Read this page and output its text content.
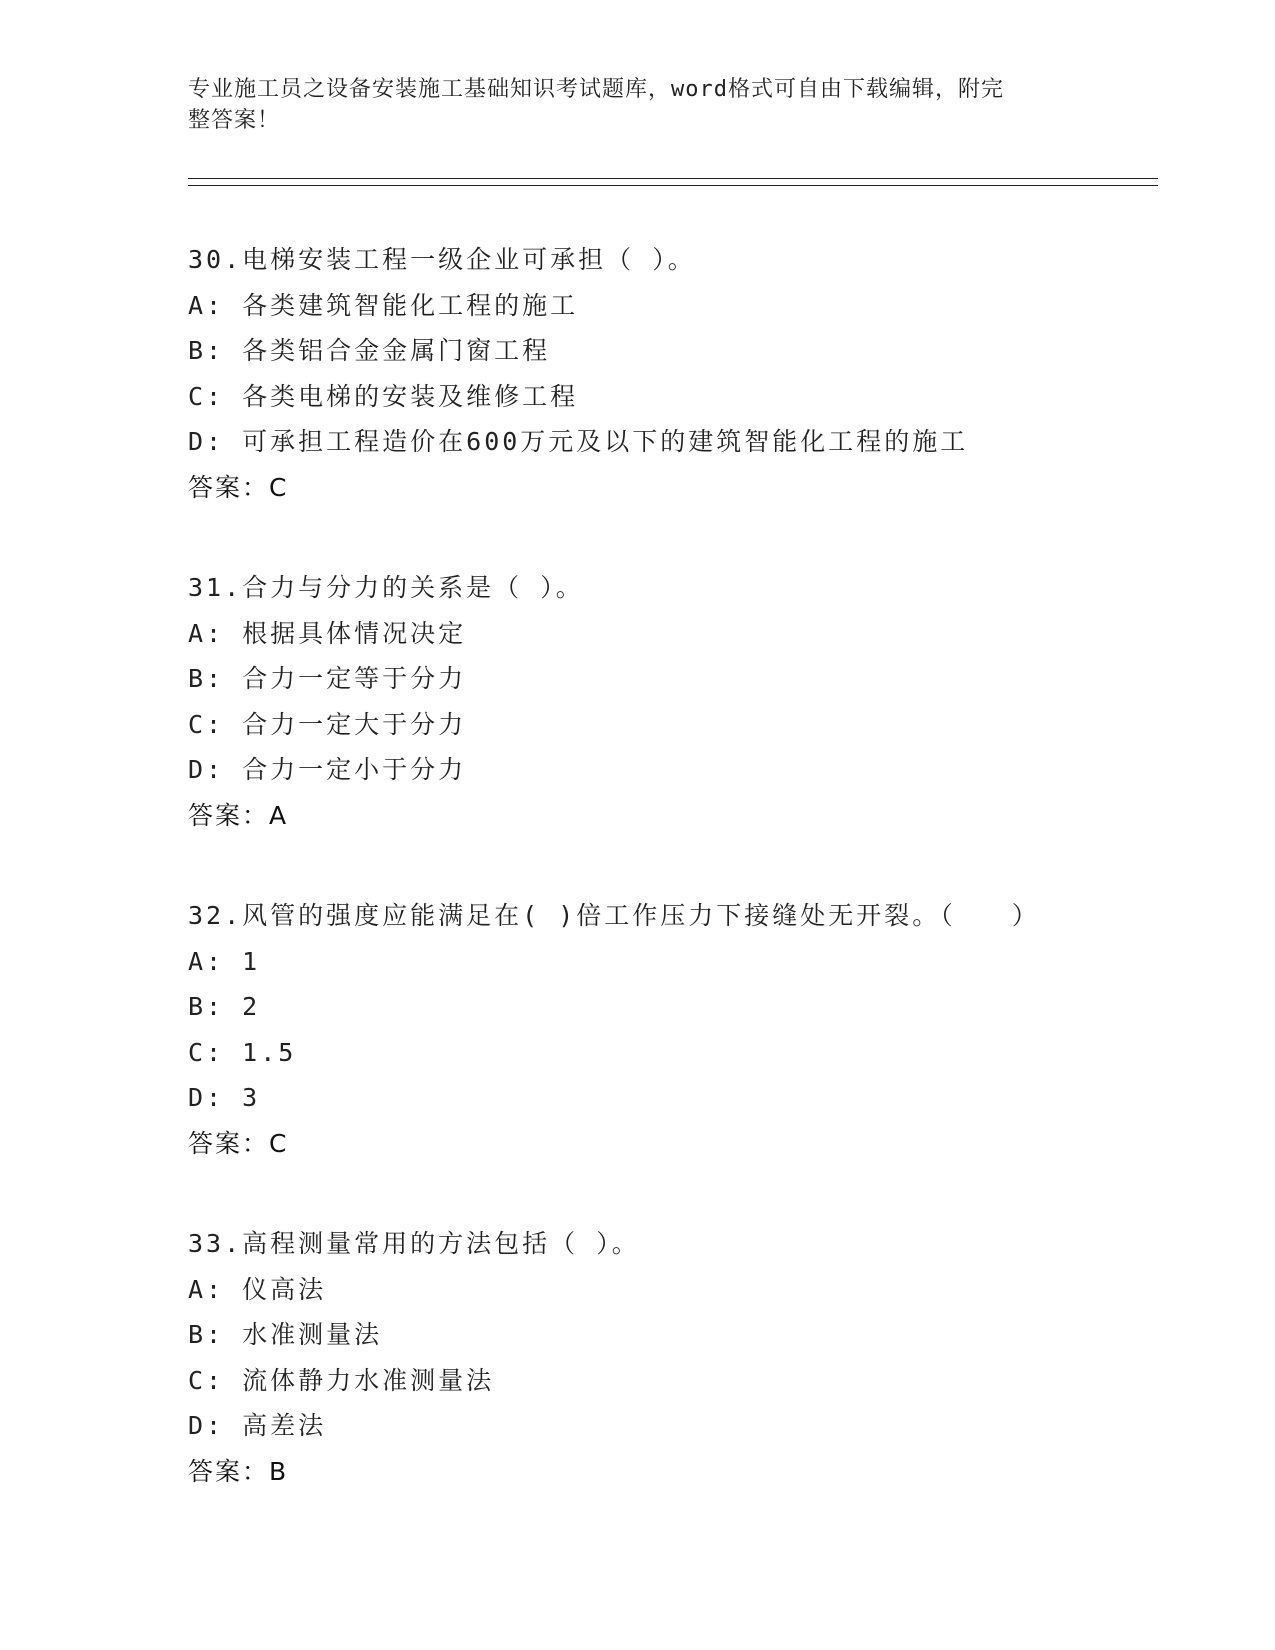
专业施工员之设备安装施工基础知识考试题库，word格式可自由下载编辑，附完
整答案！
30.电梯安装工程一级企业可承担（ ）。
A: 各类建筑智能化工程的施工
B: 各类铝合金金属门窗工程
C: 各类电梯的安装及维修工程
D: 可承担工程造价在600万元及以下的建筑智能化工程的施工
答案：C
31.合力与分力的关系是（ ）。
A: 根据具体情况决定
B: 合力一定等于分力
C: 合力一定大于分力
D: 合力一定小于分力
答案：A
32.风管的强度应能满足在( )倍工作压力下接缝处无开裂。（　　）
A: 1
B: 2
C: 1.5
D: 3
答案：C
33.高程测量常用的方法包括（ ）。
A: 仪高法
B: 水准测量法
C: 流体静力水准测量法
D: 高差法
答案：B
